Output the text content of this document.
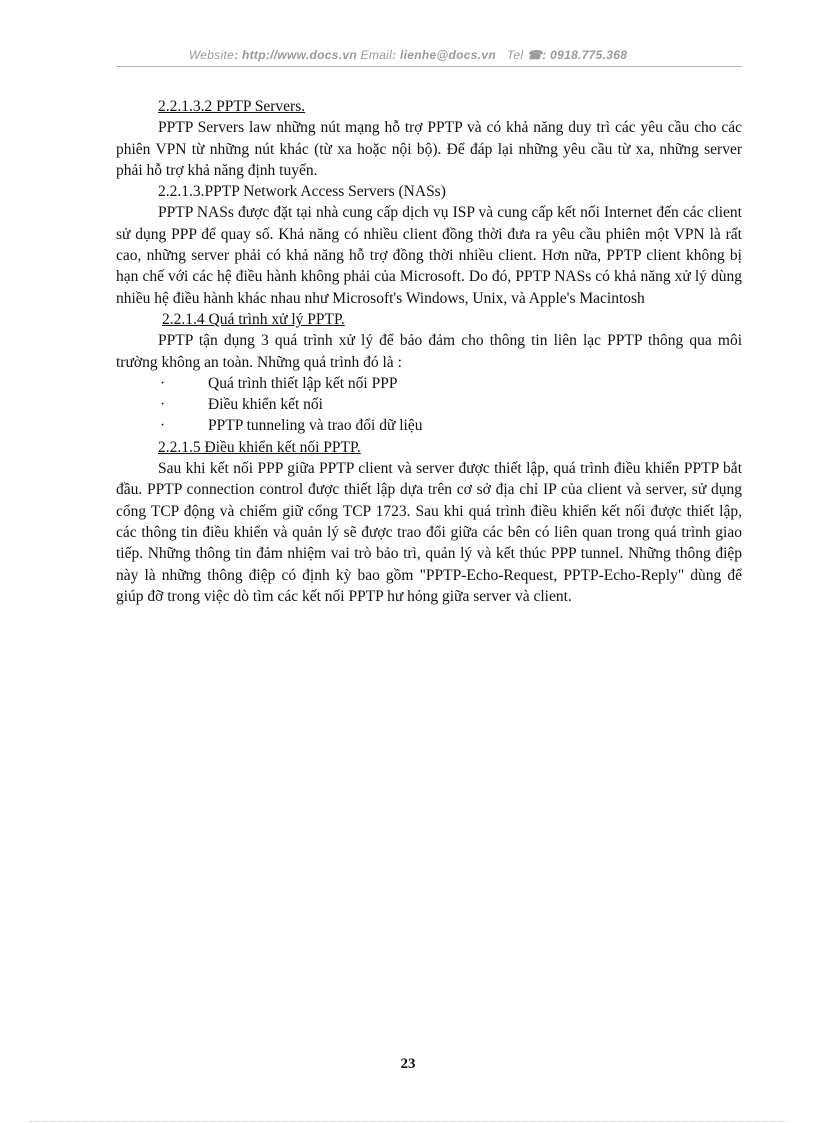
Website: http://www.docs.vn Email: lienhe@docs.vn Tel ☎: 0918.775.368

2.2.1.3.2 PPTP Servers.

PPTP Servers law những nút mạng hỗ trợ PPTP và có khả năng duy trì các yêu cầu cho các phiên VPN từ những nút khác (từ xa hoặc nội bộ). Để đáp lại những yêu cầu từ xa, những server phải hỗ trợ khả năng định tuyến.

2.2.1.3.PPTP Network Access Servers (NASs)

PPTP NASs được đặt tại nhà cung cấp dịch vụ ISP và cung cấp kết nối Internet đến các client sử dụng PPP để quay số. Khả năng có nhiều client đồng thời đưa ra yêu cầu phiên một VPN là rất cao, những server phải có khả năng hỗ trợ đồng thời nhiều client. Hơn nữa, PPTP client không bị hạn chế với các hệ điều hành không phải của Microsoft. Do đó, PPTP NASs có khả năng xử lý dùng nhiều hệ điều hành khác nhau như Microsoft's Windows, Unix, và Apple's Macintosh

2.2.1.4 Quá trình xử lý PPTP.

PPTP tận dụng 3 quá trình xử lý để bảo đảm cho thông tin liên lạc PPTP thông qua môi trường không an toàn. Những quá trình đó là :

·	Quá trình thiết lập kết nối PPP

·	Điều khiển kết nối

·	PPTP tunneling và trao đổi dữ liệu

2.2.1.5 Điều khiển kết nối PPTP.

Sau khi kết nối PPP giữa PPTP client và server được thiết lập, quá trình điều khiển PPTP bắt đầu. PPTP connection control được thiết lập dựa trên cơ sở địa chỉ IP của client và server, sử dụng cổng TCP động và chiếm giữ cổng TCP 1723. Sau khi quá trình điều khiển kết nối được thiết lập, các thông tin điều khiển và quản lý sẽ được trao đổi giữa các bên có liên quan trong quá trình giao tiếp. Những thông tin đảm nhiệm vai trò bảo trì, quản lý và kết thúc PPP tunnel. Những thông điệp này là những thông điệp có định kỳ bao gồm "PPTP-Echo-Request, PPTP-Echo-Reply" dùng để giúp đỡ trong việc dò tìm các kết nối PPTP hư hỏng giữa server và client.

23
